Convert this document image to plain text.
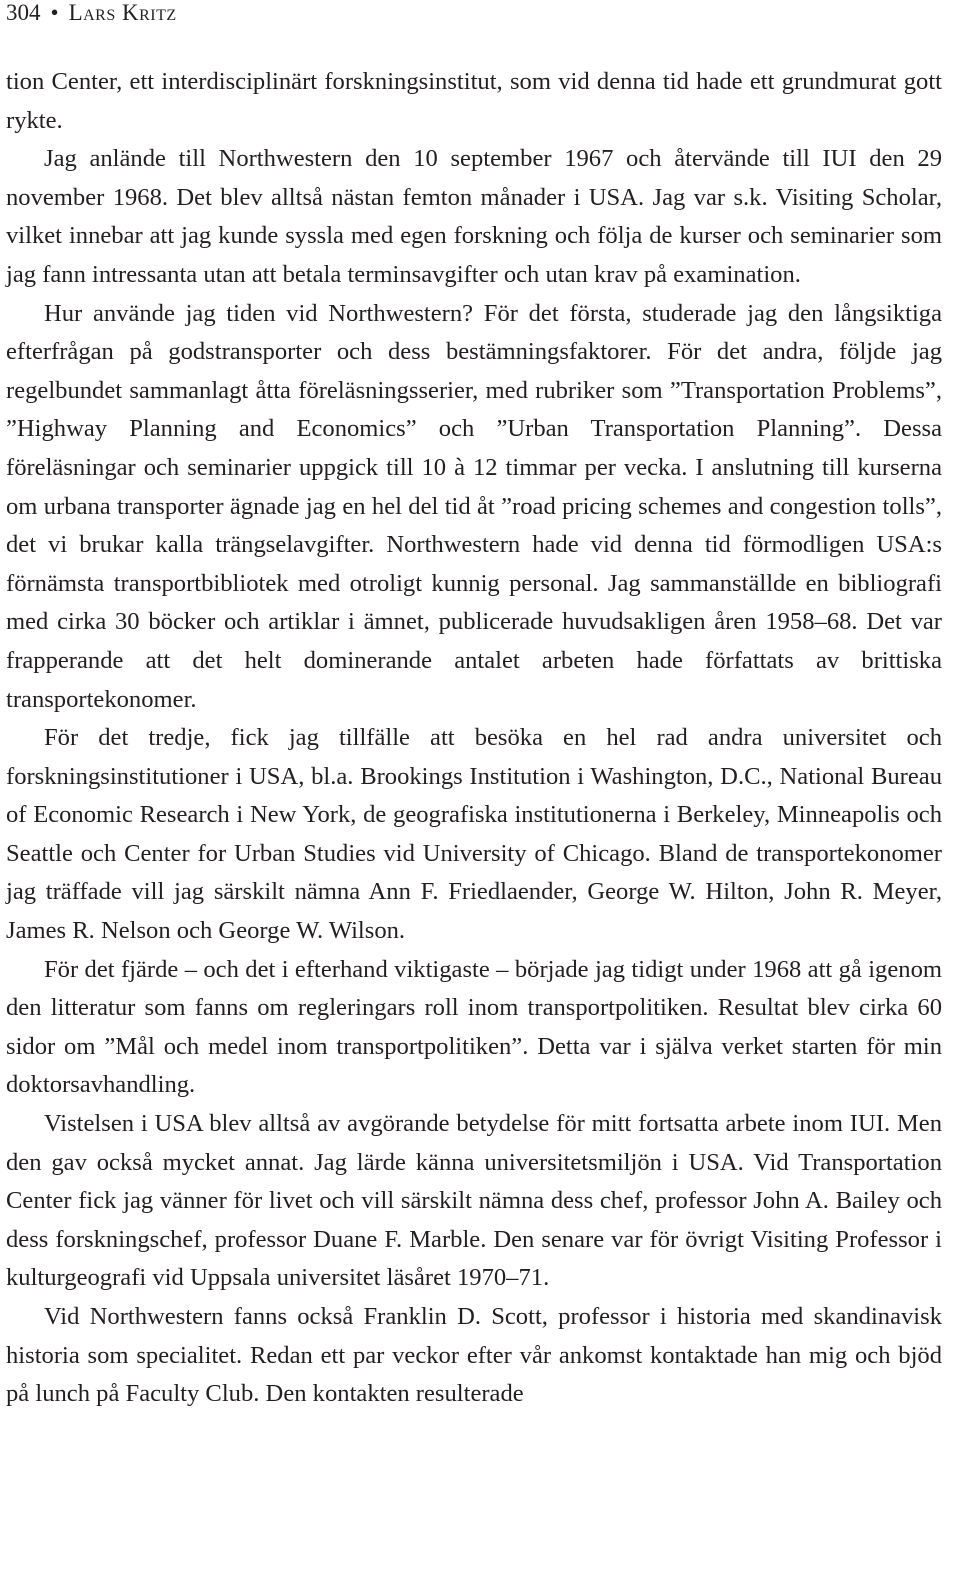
304 • Lars Kritz

tion Center, ett interdisciplinärt forskningsinstitut, som vid denna tid hade ett grundmurat gott rykte.

Jag anlände till Northwestern den 10 september 1967 och återvände till IUI den 29 november 1968. Det blev alltså nästan femton månader i USA. Jag var s.k. Visiting Scholar, vilket innebar att jag kunde syssla med egen forskning och följa de kurser och seminarier som jag fann intressanta utan att betala terminsavgifter och utan krav på examination.

Hur använde jag tiden vid Northwestern? För det första, studerade jag den långsiktiga efterfrågan på godstransporter och dess bestämningsfaktorer. För det andra, följde jag regelbundet sammanlagt åtta föreläsningsserier, med rubriker som ”Transportation Problems”, ”Highway Planning and Economics” och ”Urban Transportation Planning”. Dessa föreläsningar och seminarier uppgick till 10 à 12 timmar per vecka. I anslutning till kurserna om urbana transporter ägnade jag en hel del tid åt ”road pricing schemes and congestion tolls”, det vi brukar kalla trängselavgifter. Northwestern hade vid denna tid förmodligen USA:s förnämsta transportbibliotek med otroligt kunnig personal. Jag sammanställde en bibliografi med cirka 30 böcker och artiklar i ämnet, publicerade huvudsakligen åren 1958–68. Det var frapperande att det helt dominerande antalet arbeten hade författats av brittiska transportekonomer.

För det tredje, fick jag tillfälle att besöka en hel rad andra universitet och forskningsinstitutioner i USA, bl.a. Brookings Institution i Washington, D.C., National Bureau of Economic Research i New York, de geografiska institutionerna i Berkeley, Minneapolis och Seattle och Center for Urban Studies vid University of Chicago. Bland de transportekonomer jag träffade vill jag särskilt nämna Ann F. Friedlaender, George W. Hilton, John R. Meyer, James R. Nelson och George W. Wilson.

För det fjärde – och det i efterhand viktigaste – började jag tidigt under 1968 att gå igenom den litteratur som fanns om regleringars roll inom transportpolitiken. Resultat blev cirka 60 sidor om ”Mål och medel inom transportpolitiken”. Detta var i själva verket starten för min doktorsavhandling.

Vistelsen i USA blev alltså av avgörande betydelse för mitt fortsatta arbete inom IUI. Men den gav också mycket annat. Jag lärde känna universitetsmiljön i USA. Vid Transportation Center fick jag vänner för livet och vill särskilt nämna dess chef, professor John A. Bailey och dess forskningschef, professor Duane F. Marble. Den senare var för övrigt Visiting Professor i kulturgeografi vid Uppsala universitet läsåret 1970–71.

Vid Northwestern fanns också Franklin D. Scott, professor i historia med skandinavisk historia som specialitet. Redan ett par veckor efter vår ankomst kontaktade han mig och bjöd på lunch på Faculty Club. Den kontakten resulterade
